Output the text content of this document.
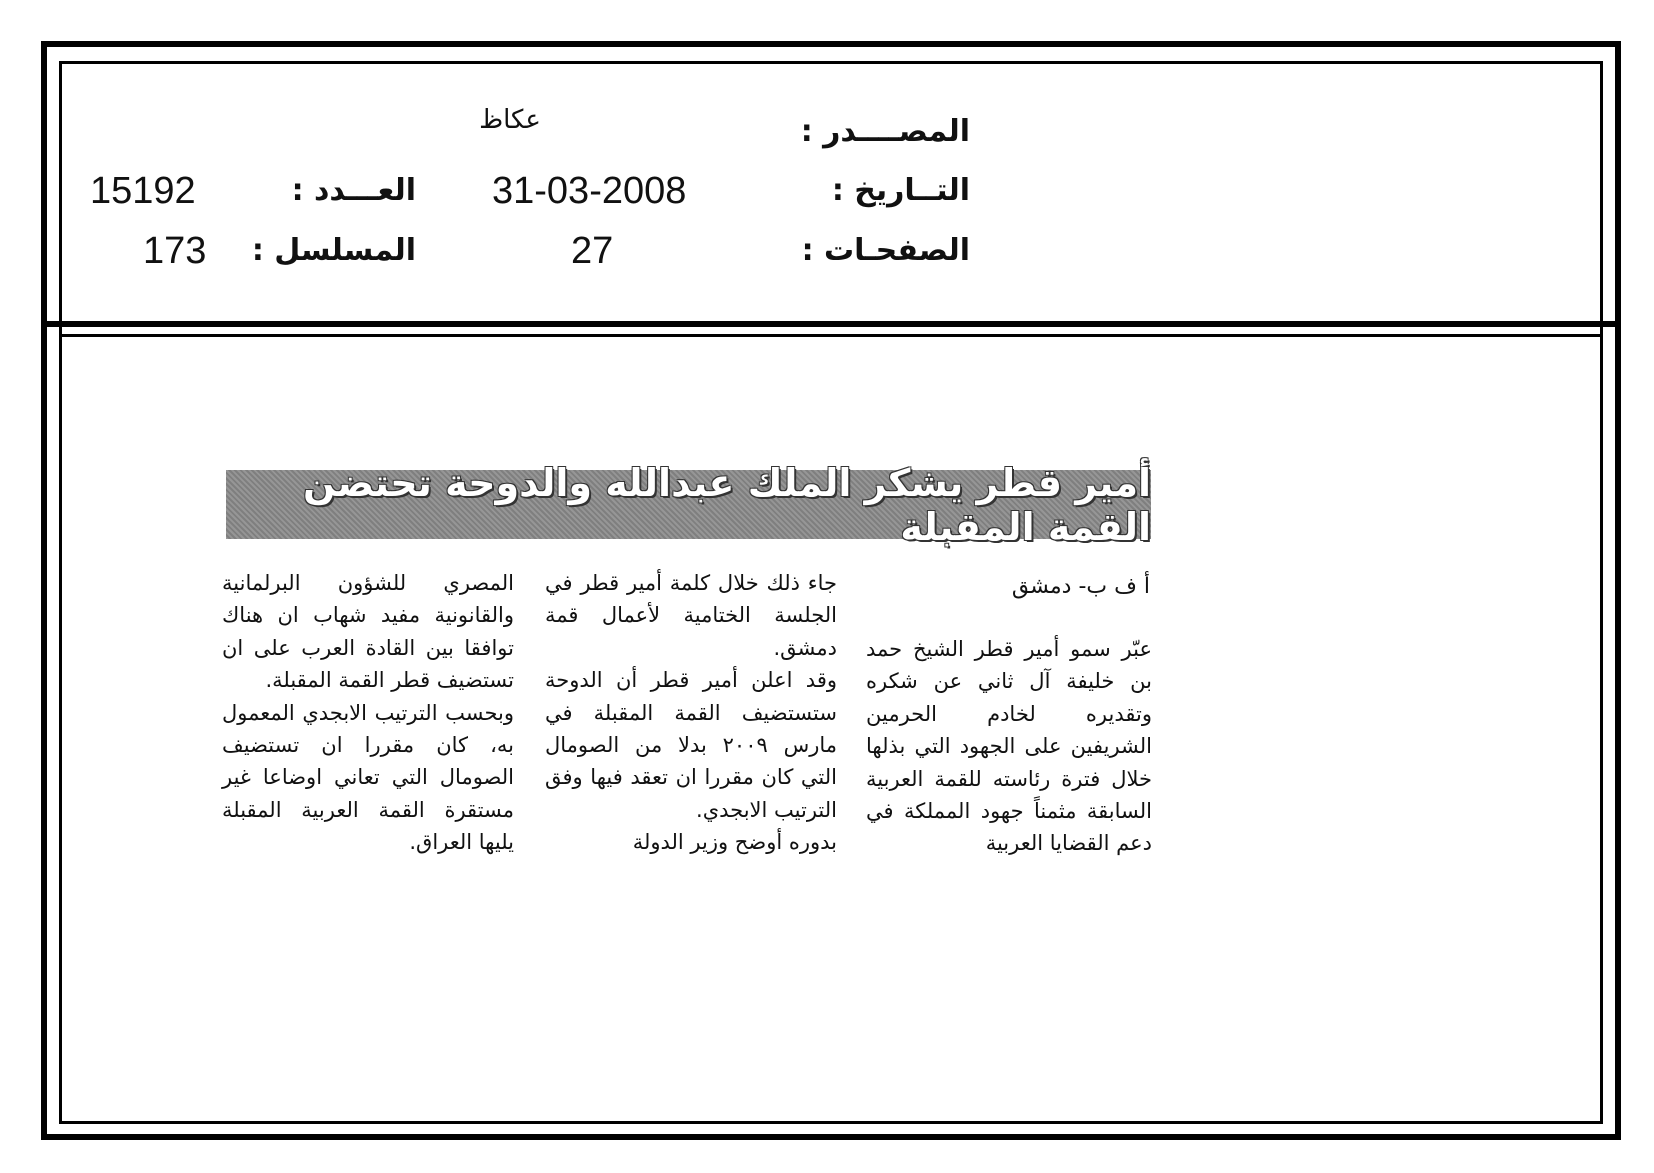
المصــــدر :
عكاظ
التــاريخ :
31-03-2008
العـــدد :
15192
الصفحـات :
27
المسلسل :
173
أمير قطر يشكر الملك عبدالله والدوحة تحتضن القمة المقبلة
أ ف ب- دمشق

عبّر سمو أمير قطر الشيخ حمد بن خليفة آل ثاني عن شكره وتقديره لخادم الحرمين الشريفين على الجهود التي بذلها خلال فترة رئاسته للقمة العربية السابقة مثمناً جهود المملكة في دعم القضايا العربية

جاء ذلك خلال كلمة أمير قطر في الجلسة الختامية لأعمال قمة دمشق.

وقد اعلن أمير قطر أن الدوحة ستستضيف القمة المقبلة في مارس ٢٠٠٩ بدلا من الصومال التي كان مقررا ان تعقد فيها وفق الترتيب الابجدي.

بدوره أوضح وزير الدولة

المصري للشؤون البرلمانية والقانونية مفيد شهاب ان هناك توافقا بين القادة العرب على ان تستضيف قطر القمة المقبلة.

وبحسب الترتيب الابجدي المعمول به، كان مقررا ان تستضيف الصومال التي تعاني اوضاعا غير مستقرة القمة العربية المقبلة يليها العراق.
